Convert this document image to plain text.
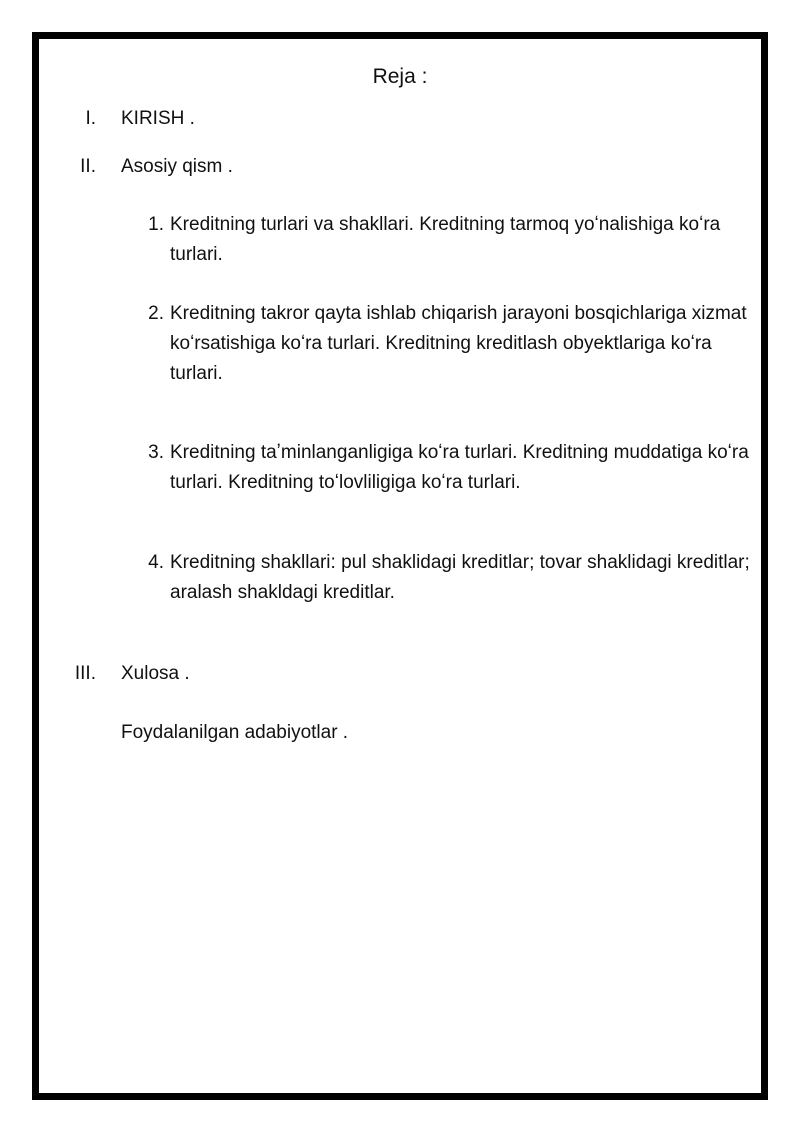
Reja :
I. KIRISH .
II. Asosiy qism .
1. Kreditning turlari va shakllari. Kreditning tarmoq yoʻnalishiga koʻra turlari.
2. Kreditning takror qayta ishlab chiqarish jarayoni bosqichlariga xizmat koʻrsatishiga koʻra turlari. Kreditning kreditlash obyektlariga koʻra turlari.
3. Kreditning taʼminlanganligiga koʻra turlari. Kreditning muddatiga koʻra turlari. Kreditning toʻlovliligiga koʻra turlari.
4. Kreditning shakllari: pul shaklidagi kreditlar; tovar shaklidagi kreditlar; aralash shakldagi kreditlar.
III. Xulosa .
Foydalanilgan adabiyotlar .
